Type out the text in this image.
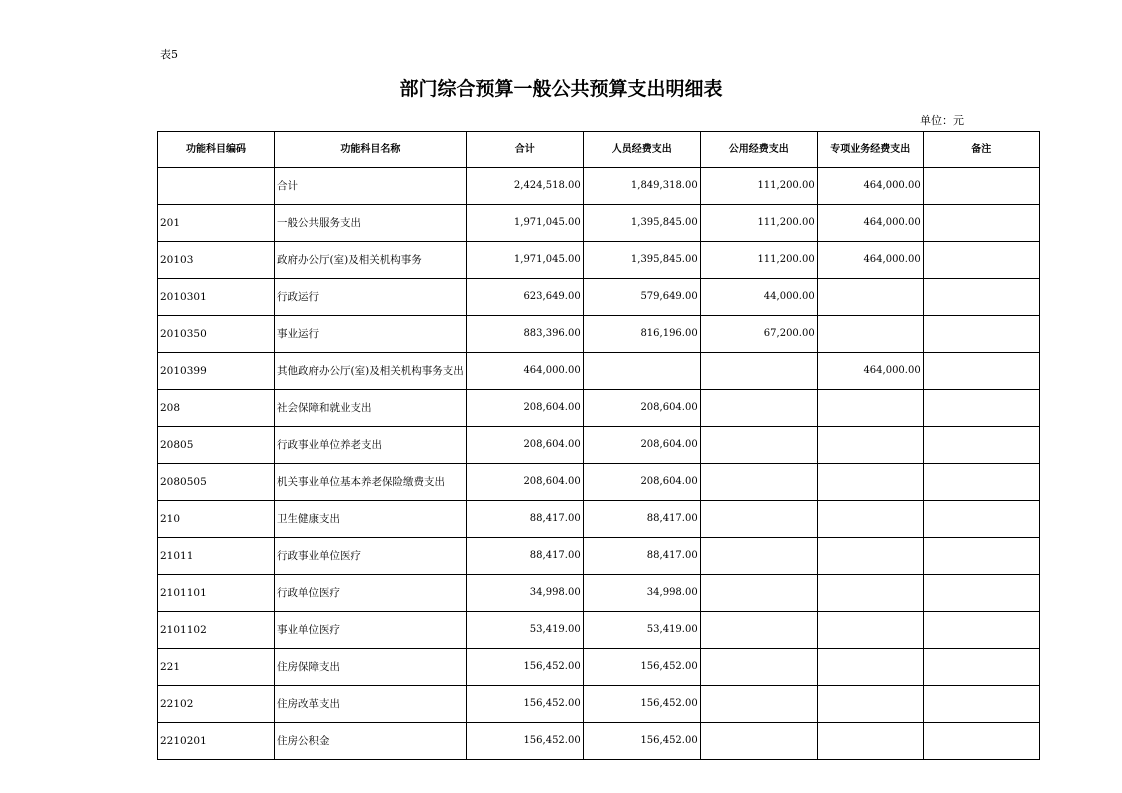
表5
部门综合预算一般公共预算支出明细表
单位：元
功能科目编码	功能科目名称	合计	人员经费支出	公用经费支出	专项业务经费支出	备注
	合计	2,424,518.00	1,849,318.00	111,200.00	464,000.00	
201	一般公共服务支出	1,971,045.00	1,395,845.00	111,200.00	464,000.00	
20103	政府办公厅(室)及相关机构事务	1,971,045.00	1,395,845.00	111,200.00	464,000.00	
2010301	行政运行	623,649.00	579,649.00	44,000.00		
2010350	事业运行	883,396.00	816,196.00	67,200.00		
2010399	其他政府办公厅(室)及相关机构事务支出	464,000.00			464,000.00	
208	社会保障和就业支出	208,604.00	208,604.00			
20805	行政事业单位养老支出	208,604.00	208,604.00			
2080505	机关事业单位基本养老保险缴费支出	208,604.00	208,604.00			
210	卫生健康支出	88,417.00	88,417.00			
21011	行政事业单位医疗	88,417.00	88,417.00			
2101101	行政单位医疗	34,998.00	34,998.00			
2101102	事业单位医疗	53,419.00	53,419.00			
221	住房保障支出	156,452.00	156,452.00			
22102	住房改革支出	156,452.00	156,452.00			
2210201	住房公积金	156,452.00	156,452.00			
